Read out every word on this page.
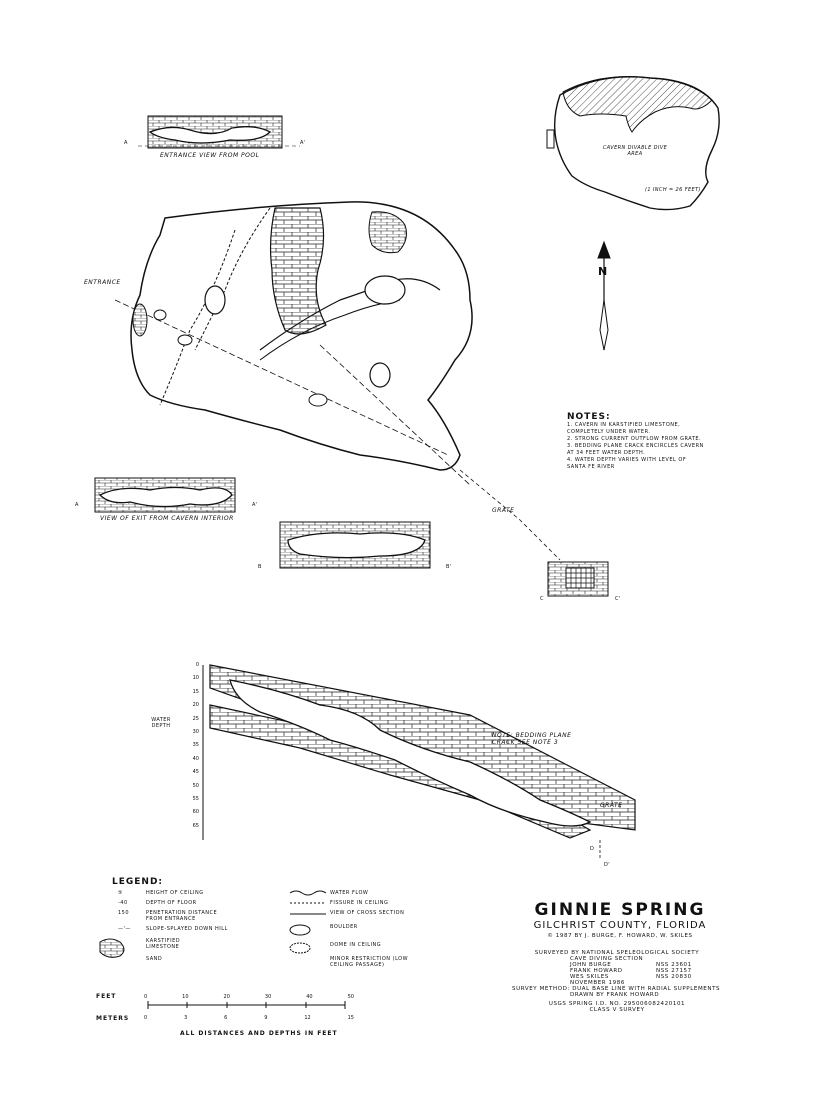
ENTRANCE VIEW FROM POOL
A	A'
ENTRANCE
CAVERN DIVABLE DIVE AREA
(1 INCH = 26 FEET)
N
NOTES:
1. CAVERN IN KARSTIFIED LIMESTONE, COMPLETELY UNDER WATER.
2. STRONG CURRENT OUTFLOW FROM GRATE.
3. BEDDING PLANE CRACK ENCIRCLES CAVERN AT 34 FEET WATER DEPTH.
4. WATER DEPTH VARIES WITH LEVEL OF SANTA FE RIVER
VIEW OF EXIT FROM CAVERN INTERIOR
A	A'
B	B'
C	C'
GRATE
WATER DEPTH
NOTE: BEDDING PLANE CRACK SEE NOTE 3
GRATE
0
10
15
20
25
30
35
40
45
50
55
60
65
D
D'
LEGEND:
⑤	HEIGHT OF CEILING
-40	DEPTH OF FLOOR
150	PENETRATION DISTANCE FROM ENTRANCE
—'—	SLOPE-SPLAYED DOWN HILL
KARSTIFIED LIMESTONE
SAND
WATER FLOW
FISSURE IN CEILING
VIEW OF CROSS SECTION
BOULDER
DOME IN CEILING
MINOR RESTRICTION (LOW CEILING PASSAGE)
FEET
METERS
0	10	20	30	40	50
0	3	6	9	12	15
ALL DISTANCES AND DEPTHS IN FEET
GINNIE SPRING
GILCHRIST COUNTY, FLORIDA
© 1987 BY J. BURGE, F. HOWARD, W. SKILES
SURVEYED BY NATIONAL SPELEOLOGICAL SOCIETY
CAVE DIVING SECTION
JOHN BURGE	NSS 23601
FRANK HOWARD	NSS 27157
WES SKILES	NSS 20830
NOVEMBER 1986
SURVEY METHOD: DUAL BASE LINE WITH RADIAL SUPPLEMENTS
DRAWN BY FRANK HOWARD
USGS SPRING I.D. NO. 295006082420101
CLASS V SURVEY
